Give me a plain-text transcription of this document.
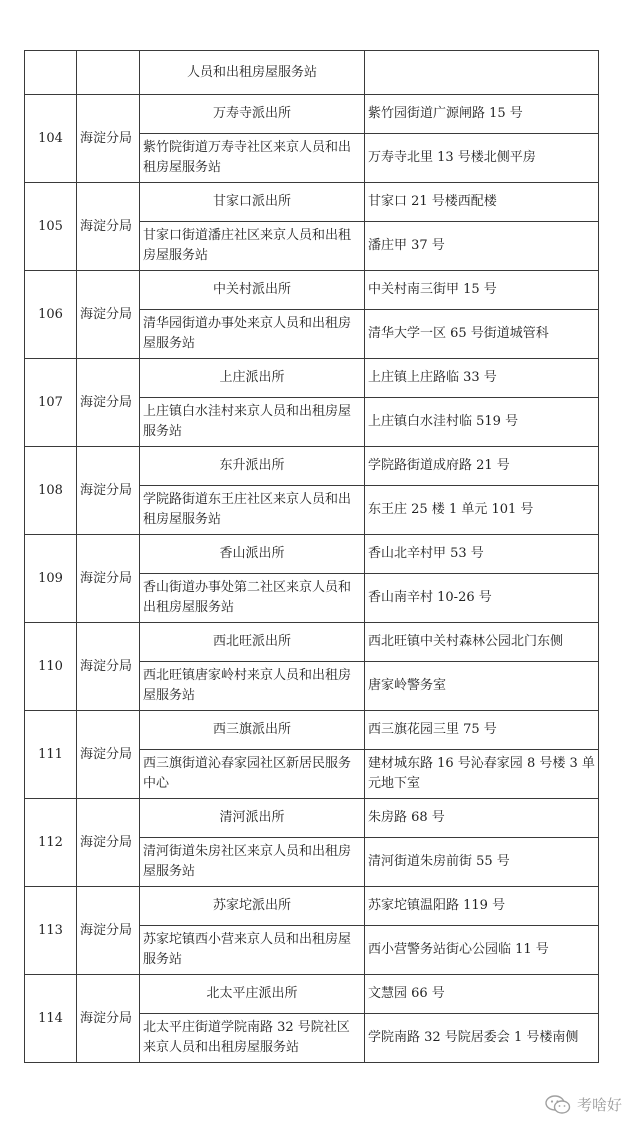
		人员和出租房屋服务站	
104	海淀分局	万寿寺派出所	紫竹园街道广源闸路 15 号
		紫竹院街道万寿寺社区来京人员和出租房屋服务站	万寿寺北里 13 号楼北侧平房
105	海淀分局	甘家口派出所	甘家口 21 号楼西配楼
		甘家口街道潘庄社区来京人员和出租房屋服务站	潘庄甲 37 号
106	海淀分局	中关村派出所	中关村南三街甲 15 号
		清华园街道办事处来京人员和出租房屋服务站	清华大学一区 65 号街道城管科
107	海淀分局	上庄派出所	上庄镇上庄路临 33 号
		上庄镇白水洼村来京人员和出租房屋服务站	上庄镇白水洼村临 519 号
108	海淀分局	东升派出所	学院路街道成府路 21 号
		学院路街道东王庄社区来京人员和出租房屋服务站	东王庄 25 楼 1 单元 101 号
109	海淀分局	香山派出所	香山北辛村甲 53 号
		香山街道办事处第二社区来京人员和出租房屋服务站	香山南辛村 10-26 号
110	海淀分局	西北旺派出所	西北旺镇中关村森林公园北门东侧
		西北旺镇唐家岭村来京人员和出租房屋服务站	唐家岭警务室
111	海淀分局	西三旗派出所	西三旗花园三里 75 号
		西三旗街道沁春家园社区新居民服务中心	建材城东路 16 号沁春家园 8 号楼 3 单元地下室
112	海淀分局	清河派出所	朱房路 68 号
		清河街道朱房社区来京人员和出租房屋服务站	清河街道朱房前街 55 号
113	海淀分局	苏家坨派出所	苏家坨镇温阳路 119 号
		苏家坨镇西小营来京人员和出租房屋服务站	西小营警务站街心公园临 11 号
114	海淀分局	北太平庄派出所	文慧园 66 号
		北太平庄街道学院南路 32 号院社区来京人员和出租房屋服务站	学院南路 32 号院居委会 1 号楼南侧
考啥好
